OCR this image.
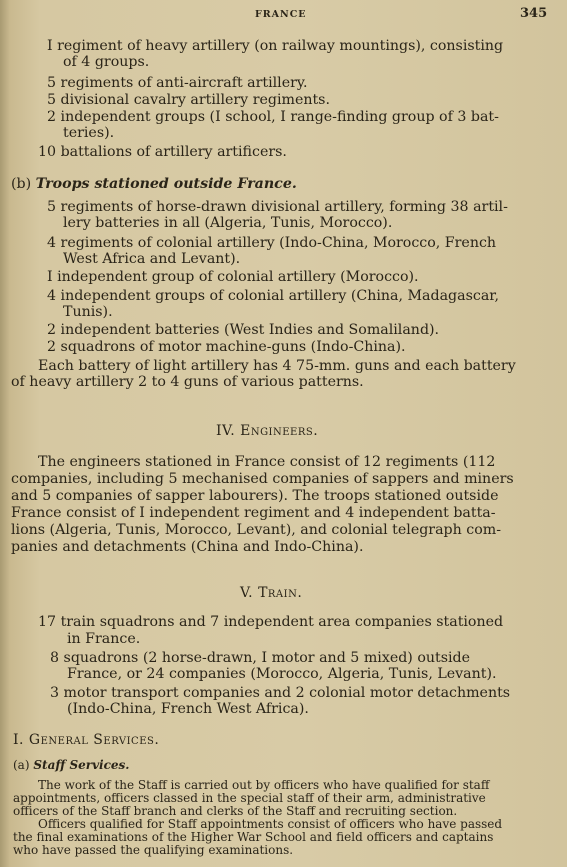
FRANCE	345
I regiment of heavy artillery (on railway mountings), consisting
of 4 groups.
5 regiments of anti-aircraft artillery.
5 divisional cavalry artillery regiments.
2 independent groups (I school, I range-finding group of 3 bat-
teries).
10 battalions of artillery artificers.
(b) Troops stationed outside France.
5 regiments of horse-drawn divisional artillery, forming 38 artil-
lery batteries in all (Algeria, Tunis, Morocco).
4 regiments of colonial artillery (Indo-China, Morocco, French
West Africa and Levant).
I independent group of colonial artillery (Morocco).
4 independent groups of colonial artillery (China, Madagascar,
Tunis).
2 independent batteries (West Indies and Somaliland).
2 squadrons of motor machine-guns (Indo-China).
Each battery of light artillery has 4 75-mm. guns and each battery
of heavy artillery 2 to 4 guns of various patterns.
IV. Engineers.
The engineers stationed in France consist of 12 regiments (112
companies, including 5 mechanised companies of sappers and miners
and 5 companies of sapper labourers). The troops stationed outside
France consist of I independent regiment and 4 independent batta-
lions (Algeria, Tunis, Morocco, Levant), and colonial telegraph com-
panies and detachments (China and Indo-China).
V. Train.
17 train squadrons and 7 independent area companies stationed
in France.
8 squadrons (2 horse-drawn, I motor and 5 mixed) outside
France, or 24 companies (Morocco, Algeria, Tunis, Levant).
3 motor transport companies and 2 colonial motor detachments
(Indo-China, French West Africa).
I. General Services.
(a) Staff Services.
The work of the Staff is carried out by officers who have qualified for staff
appointments, officers classed in the special staff of their arm, administrative
officers of the Staff branch and clerks of the Staff and recruiting section.
Officers qualified for Staff appointments consist of officers who have passed
the final examinations of the Higher War School and field officers and captains
who have passed the qualifying examinations.
